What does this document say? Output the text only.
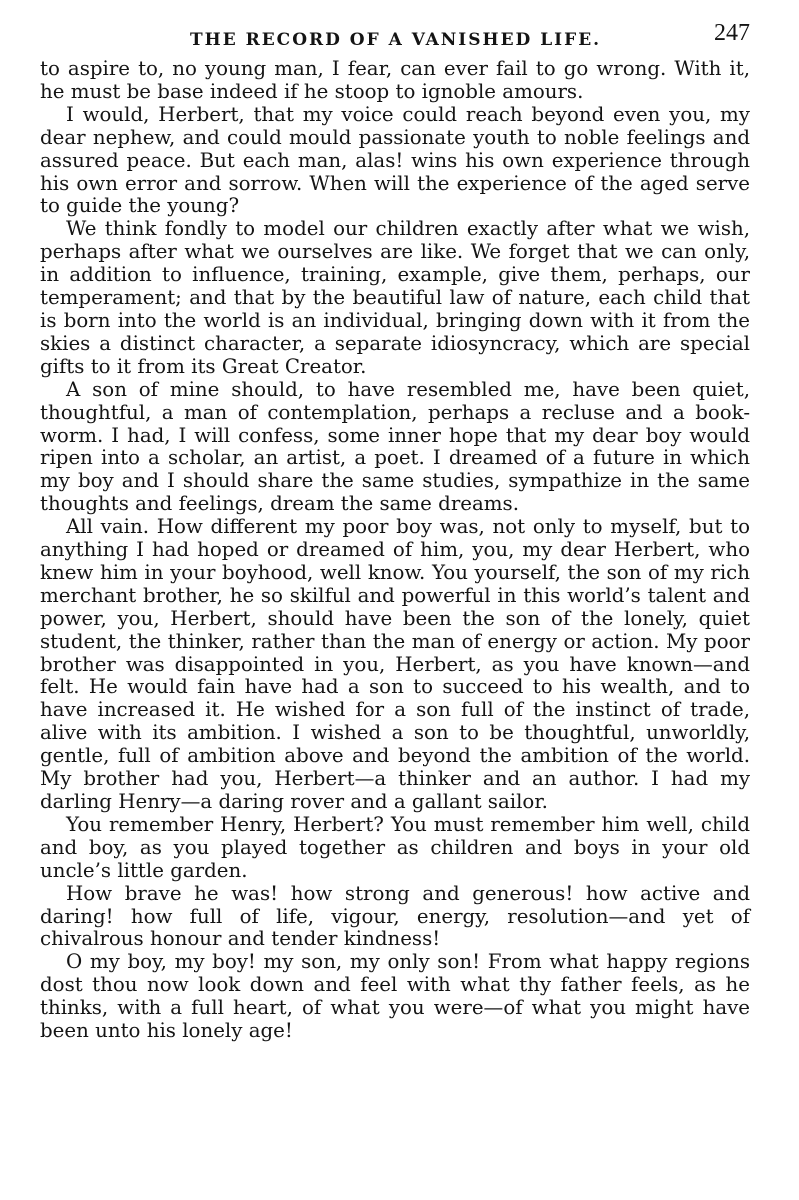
THE RECORD OF A VANISHED LIFE.	247

to aspire to, no young man, I fear, can ever fail to go wrong. With it, he must be base indeed if he stoop to ignoble amours.

I would, Herbert, that my voice could reach beyond even you, my dear nephew, and could mould passionate youth to noble feelings and assured peace. But each man, alas! wins his own experience through his own error and sorrow. When will the experience of the aged serve to guide the young?

We think fondly to model our children exactly after what we wish, perhaps after what we ourselves are like. We forget that we can only, in addition to influence, training, example, give them, perhaps, our temperament; and that by the beautiful law of nature, each child that is born into the world is an individual, bringing down with it from the skies a distinct character, a separate idiosyncracy, which are special gifts to it from its Great Creator.

A son of mine should, to have resembled me, have been quiet, thoughtful, a man of contemplation, perhaps a recluse and a book-worm. I had, I will confess, some inner hope that my dear boy would ripen into a scholar, an artist, a poet. I dreamed of a future in which my boy and I should share the same studies, sympathize in the same thoughts and feelings, dream the same dreams.

All vain. How different my poor boy was, not only to myself, but to anything I had hoped or dreamed of him, you, my dear Herbert, who knew him in your boyhood, well know. You yourself, the son of my rich merchant brother, he so skilful and powerful in this world’s talent and power, you, Herbert, should have been the son of the lonely, quiet student, the thinker, rather than the man of energy or action. My poor brother was disappointed in you, Herbert, as you have known—and felt. He would fain have had a son to succeed to his wealth, and to have increased it. He wished for a son full of the instinct of trade, alive with its ambition. I wished a son to be thoughtful, unworldly, gentle, full of ambition above and beyond the ambition of the world. My brother had you, Herbert—a thinker and an author. I had my darling Henry—a daring rover and a gallant sailor.

You remember Henry, Herbert? You must remember him well, child and boy, as you played together as children and boys in your old uncle’s little garden.

How brave he was! how strong and generous! how active and daring! how full of life, vigour, energy, resolution—and yet of chivalrous honour and tender kindness!

O my boy, my boy! my son, my only son! From what happy regions dost thou now look down and feel with what thy father feels, as he thinks, with a full heart, of what you were—of what you might have been unto his lonely age!
